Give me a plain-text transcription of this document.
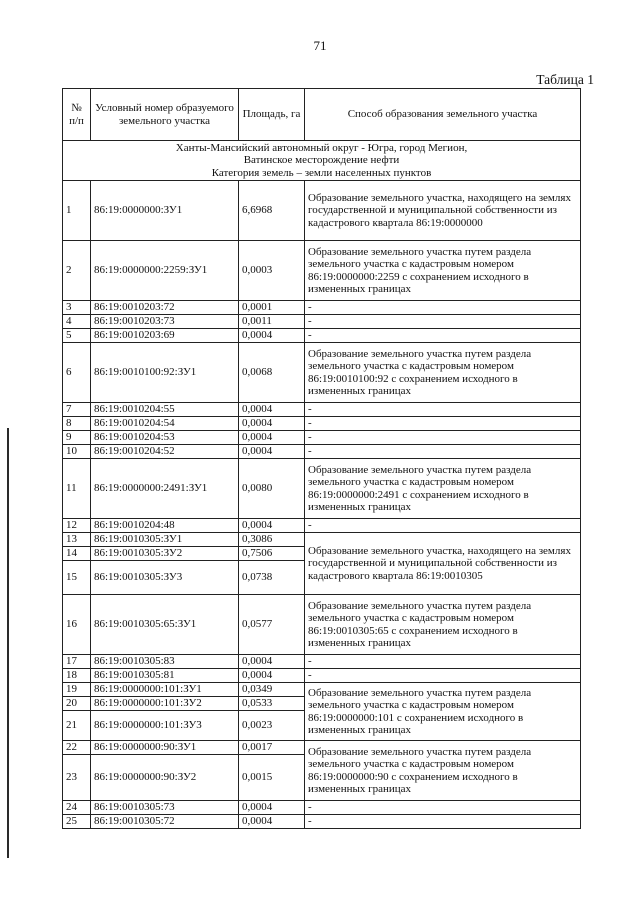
71
Таблица 1
№ п/п	Условный номер образуемого земельного участка	Площадь, га	Способ образования земельного участка

Ханты-Мансийский автономный округ - Югра, город Мегион,
Ватинское месторождение нефти
Категория земель – земли населенных пунктов			

1	86:19:0000000:ЗУ1	6,6968	Образование земельного участка, находящего на землях государственной и муниципальной собственности из кадастрового квартала 86:19:0000000
2	86:19:0000000:2259:ЗУ1	0,0003	Образование земельного участка путем раздела земельного участка с кадастровым номером 86:19:0000000:2259 с сохранением исходного в измененных границах
3	86:19:0010203:72	0,0001	-
4	86:19:0010203:73	0,0011	-
5	86:19:0010203:69	0,0004	-
6	86:19:0010100:92:ЗУ1	0,0068	Образование земельного участка путем раздела земельного участка с кадастровым номером 86:19:0010100:92 с сохранением исходного в измененных границах
7	86:19:0010204:55	0,0004	-
8	86:19:0010204:54	0,0004	-
9	86:19:0010204:53	0,0004	-
10	86:19:0010204:52	0,0004	-
11	86:19:0000000:2491:ЗУ1	0,0080	Образование земельного участка путем раздела земельного участка с кадастровым номером 86:19:0000000:2491 с сохранением исходного в измененных границах
12	86:19:0010204:48	0,0004	-
13	86:19:0010305:ЗУ1	0,3086	Образование земельного участка, находящего на землях государственной и муниципальной собственности из кадастрового квартала 86:19:0010305
14	86:19:0010305:ЗУ2	0,7506	
15	86:19:0010305:ЗУ3	0,0738	
16	86:19:0010305:65:ЗУ1	0,0577	Образование земельного участка путем раздела земельного участка с кадастровым номером 86:19:0010305:65 с сохранением исходного в измененных границах
17	86:19:0010305:83	0,0004	-
18	86:19:0010305:81	0,0004	-
19	86:19:0000000:101:ЗУ1	0,0349	Образование земельного участка путем раздела земельного участка с кадастровым номером 86:19:0000000:101 с сохранением исходного в измененных границах
20	86:19:0000000:101:ЗУ2	0,0533	
21	86:19:0000000:101:ЗУ3	0,0023	
22	86:19:0000000:90:ЗУ1	0,0017	Образование земельного участка путем раздела земельного участка с кадастровым номером 86:19:0000000:90 с сохранением исходного в измененных границах
23	86:19:0000000:90:ЗУ2	0,0015	
24	86:19:0010305:73	0,0004	-
25	86:19:0010305:72	0,0004	-
